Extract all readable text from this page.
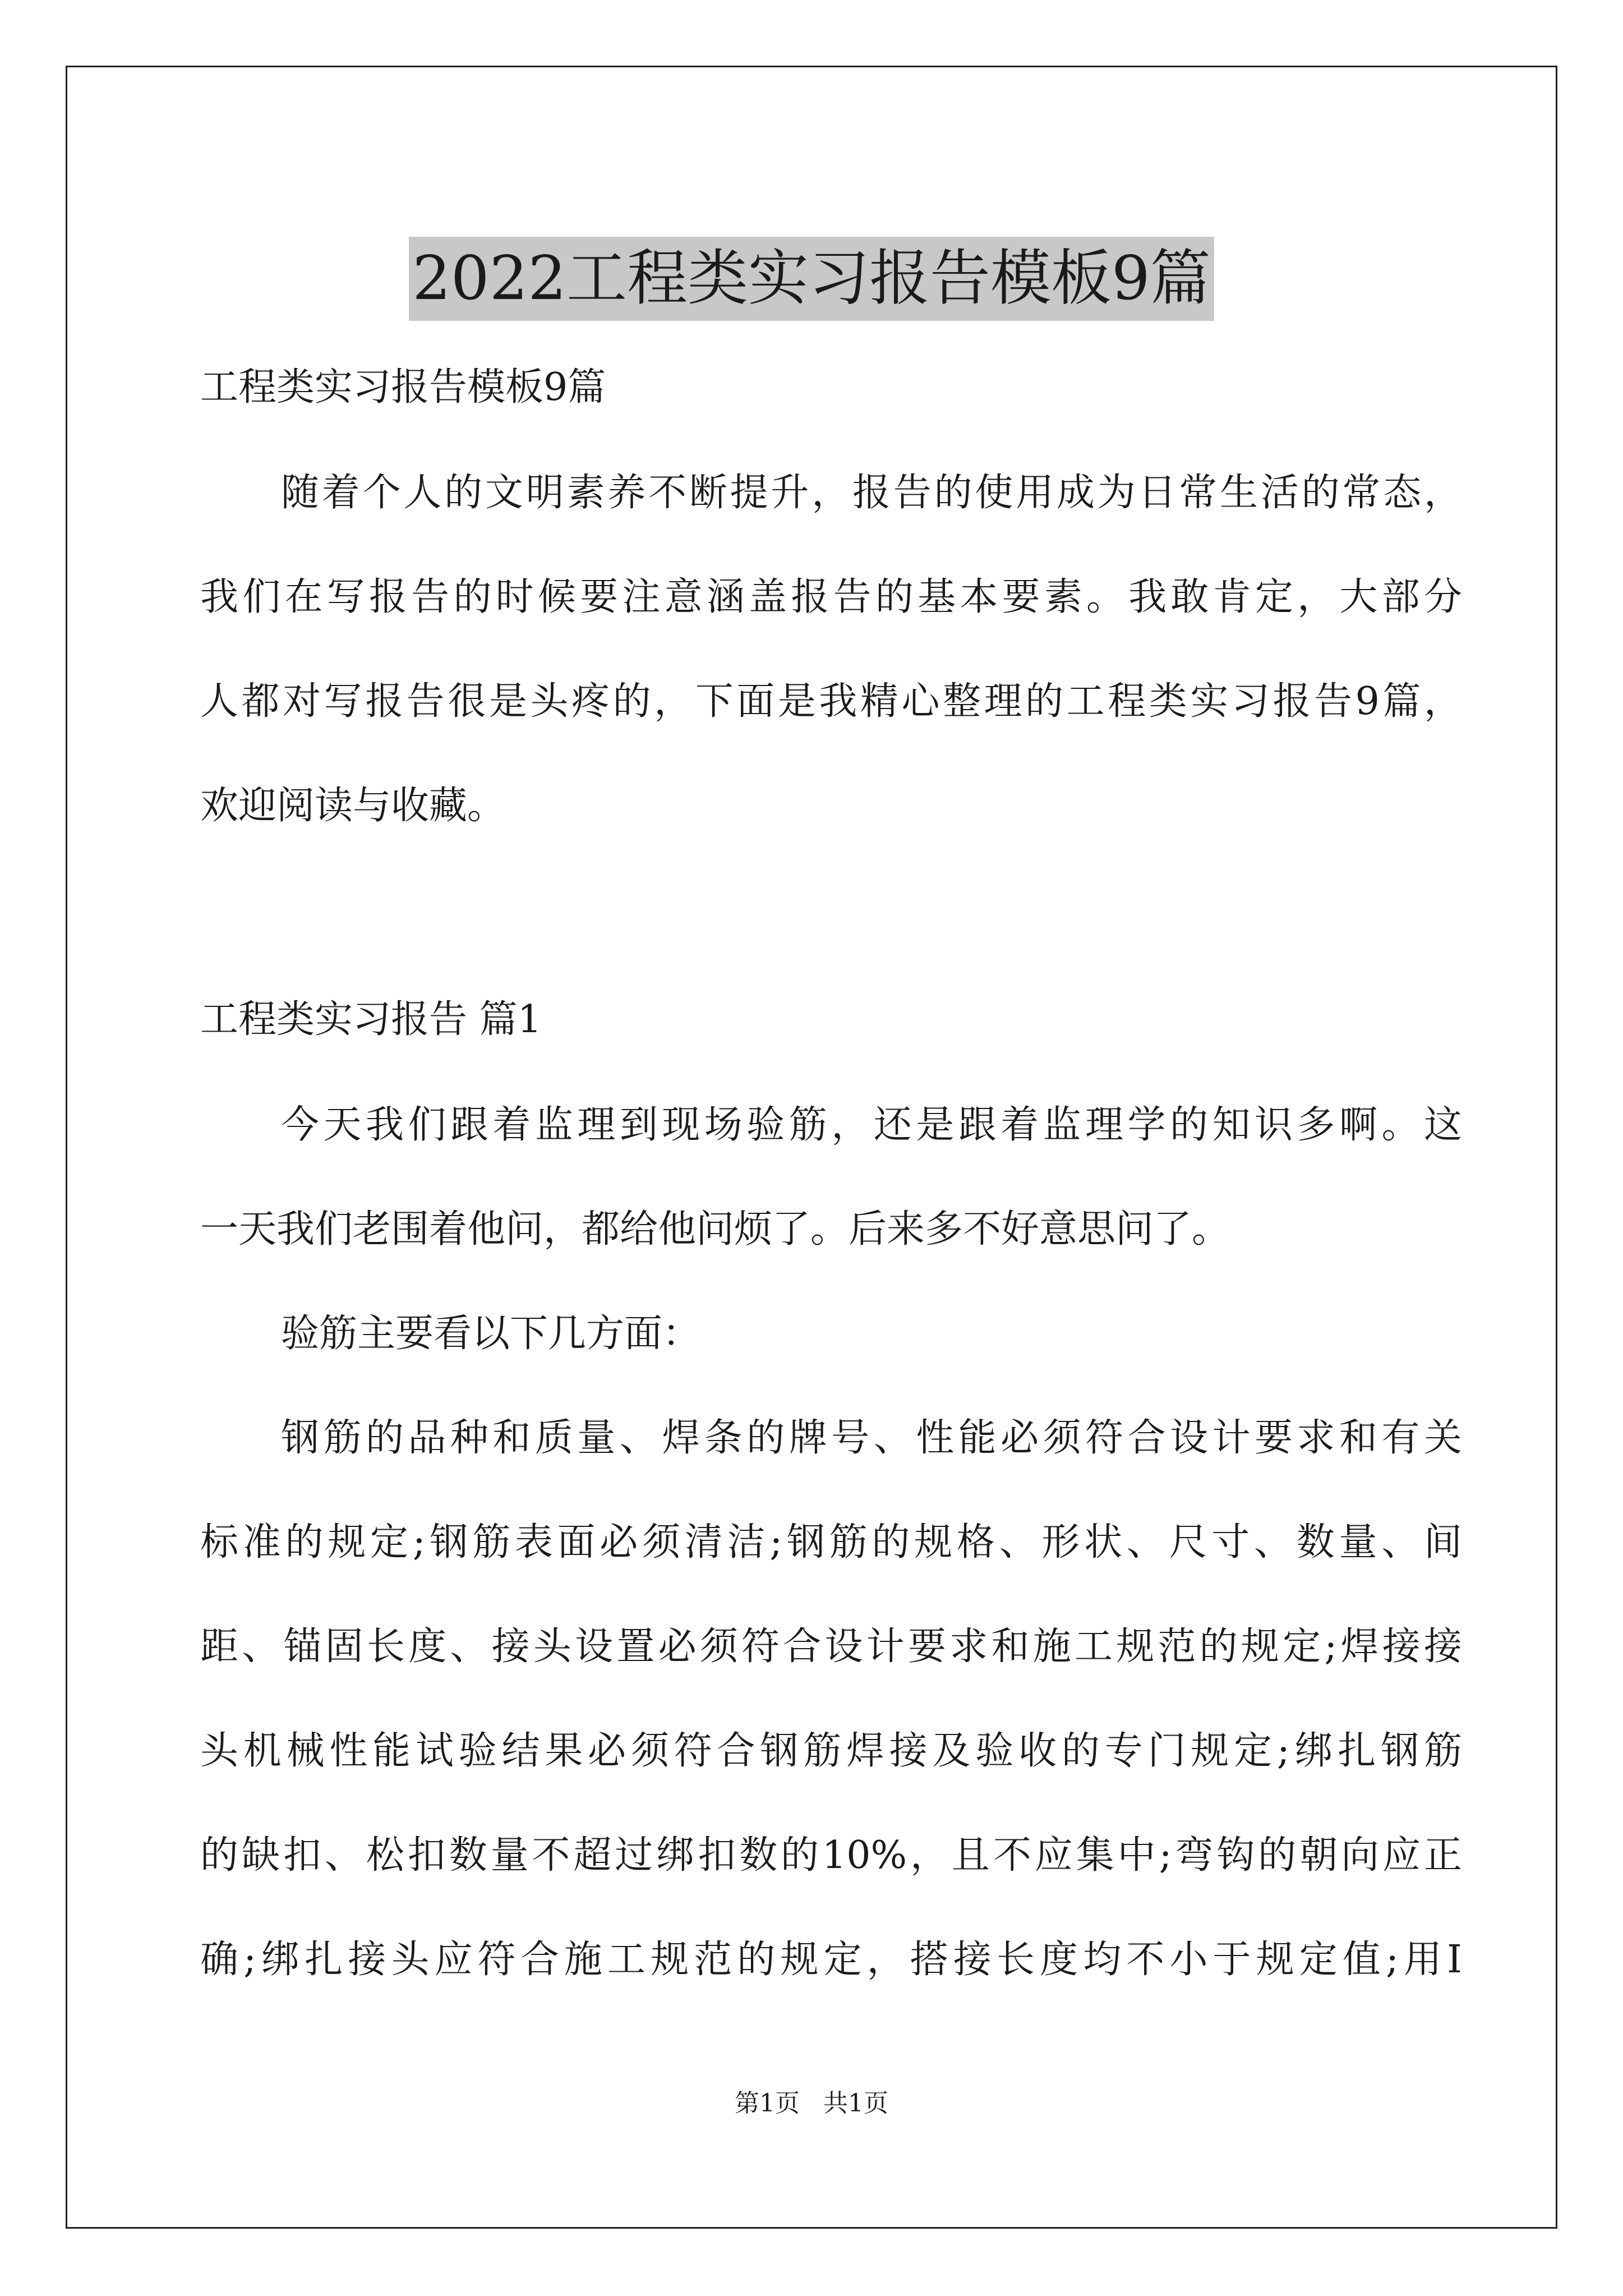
2022工程类实习报告模板9篇
工程类实习报告模板9篇
随着个人的文明素养不断提升，报告的使用成为日常生活的常态，
我们在写报告的时候要注意涵盖报告的基本要素。我敢肯定，大部分
人都对写报告很是头疼的，下面是我精心整理的工程类实习报告9篇，
欢迎阅读与收藏。
工程类实习报告 篇1
今天我们跟着监理到现场验筋，还是跟着监理学的知识多啊。这
一天我们老围着他问，都给他问烦了。后来多不好意思问了。
验筋主要看以下几方面：
钢筋的品种和质量、焊条的牌号、性能必须符合设计要求和有关
标准的规定;钢筋表面必须清洁;钢筋的规格、形状、尺寸、数量、间
距、锚固长度、接头设置必须符合设计要求和施工规范的规定;焊接接
头机械性能试验结果必须符合钢筋焊接及验收的专门规定;绑扎钢筋
的缺扣、松扣数量不超过绑扣数的10%，且不应集中;弯钩的朝向应正
确;绑扎接头应符合施工规范的规定，搭接长度均不小于规定值;用I
第1页   共1页
